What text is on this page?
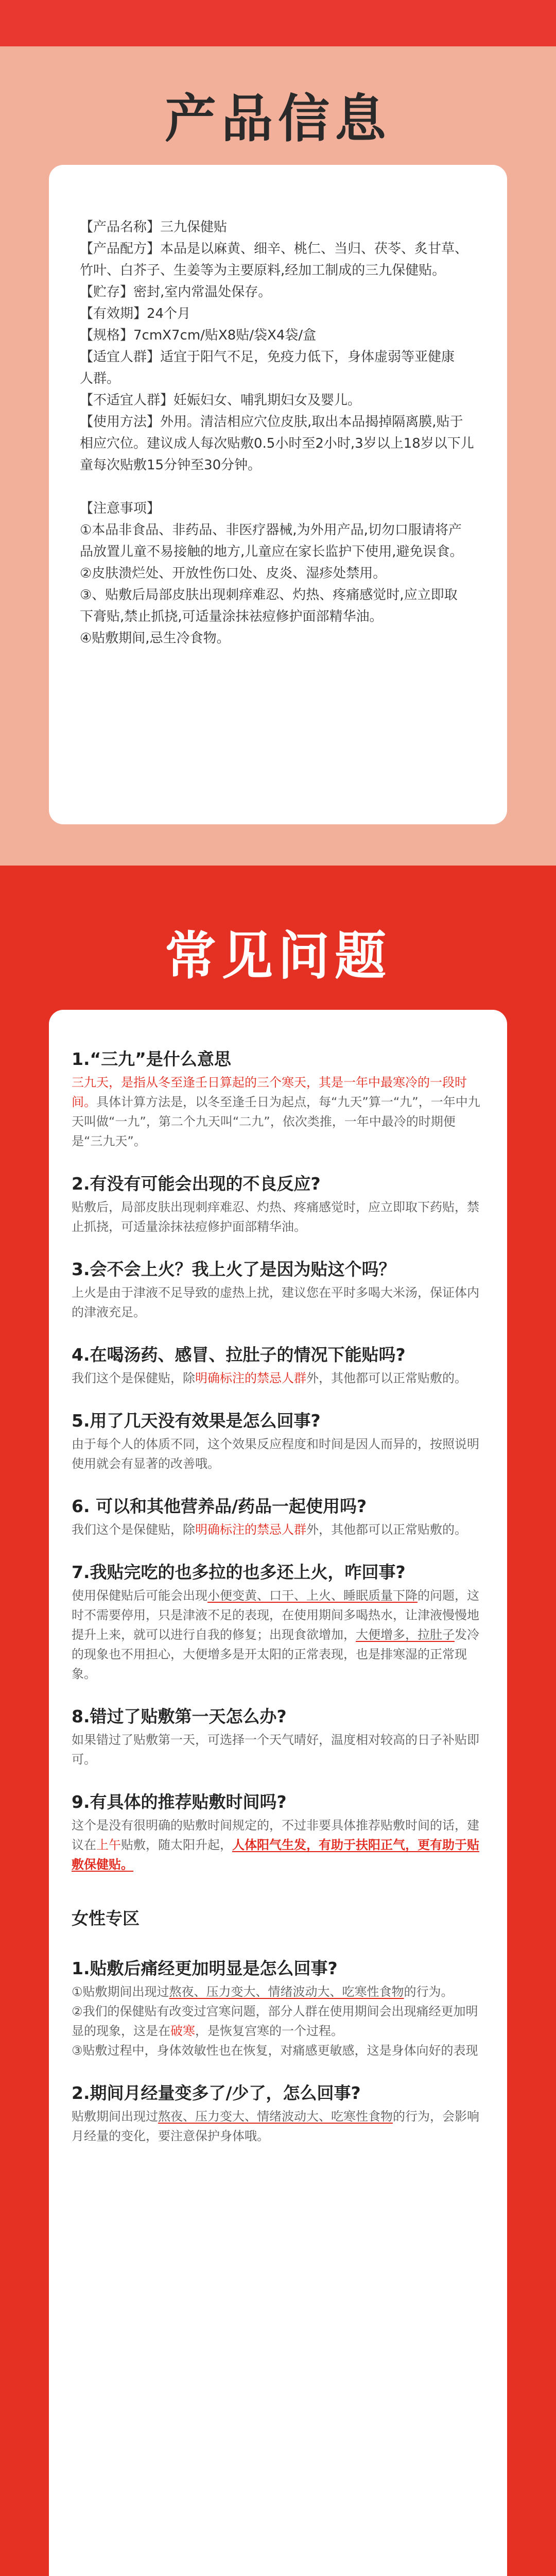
产品信息

【产品名称】三九保健贴

【产品配方】本品是以麻黄、细辛、桃仁、当归、茯苓、炙甘草、

竹叶、白芥子、生姜等为主要原料,经加工制成的三九保健贴。

【贮存】密封,室内常温处保存。

【有效期】24个月

【规格】7cmX7cm/贴X8贴/袋X4袋/盒

【适宜人群】适宜于阳气不足，免疫力低下，身体虚弱等亚健康

人群。

【不适宜人群】妊娠妇女、哺乳期妇女及婴儿。

【使用方法】外用。清洁相应穴位皮肤,取出本品揭掉隔离膜,贴于

相应穴位。建议成人每次贴敷0.5小时至2小时,3岁以上18岁以下儿

童每次贴敷15分钟至30分钟。

【注意事项】

①本品非食品、非药品、非医疗器械,为外用产品,切勿口服请将产

品放置儿童不易接触的地方,儿童应在家长监护下使用,避免误食。

②皮肤溃烂处、开放性伤口处、皮炎、湿疹处禁用。

③、贴敷后局部皮肤出现刺痒难忍、灼热、疼痛感觉时,应立即取

下膏贴,禁止抓挠,可适量涂抹祛痘修护面部精华油。

④贴敷期间,忌生冷食物。

常见问题

1.“三九”是什么意思

三九天，是指从冬至逢壬日算起的三个寒天，其是一年中最寒冷的一段时间。具体计算方法是，以冬至逢壬日为起点，每“九天”算一“九”，一年中九天叫做“一九”，第二个九天叫“二九”，依次类推，一年中最冷的时期便是“三九天”。

2.有没有可能会出现的不良反应?

贴敷后，局部皮肤出现刺痒难忍、灼热、疼痛感觉时，应立即取下药贴，禁止抓挠，可适量涂抹祛痘修护面部精华油。

3.会不会上火？我上火了是因为贴这个吗？

上火是由于津液不足导致的虚热上扰，建议您在平时多喝大米汤，保证体内的津液充足。

4.在喝汤药、感冒、拉肚子的情况下能贴吗?

我们这个是保健贴，除明确标注的禁忌人群外，其他都可以正常贴敷的。

5.用了几天没有效果是怎么回事?

由于每个人的体质不同，这个效果反应程度和时间是因人而异的，按照说明使用就会有显著的改善哦。

6. 可以和其他营养品/药品一起使用吗?

我们这个是保健贴，除明确标注的禁忌人群外，其他都可以正常贴敷的。

7.我贴完吃的也多拉的也多还上火，咋回事?

使用保健贴后可能会出现小便变黄、口干、上火、睡眠质量下降的问题，这时不需要停用，只是津液不足的表现，在使用期间多喝热水，让津液慢慢地提升上来，就可以进行自我的修复；出现食欲增加，大便增多，拉肚子发冷的现象也不用担心，大便增多是开太阳的正常表现，也是排寒湿的正常现象。

8.错过了贴敷第一天怎么办?

如果错过了贴敷第一天，可选择一个天气晴好，温度相对较高的日子补贴即可。

9.有具体的推荐贴敷时间吗?

这个是没有很明确的贴敷时间规定的，不过非要具体推荐贴敷时间的话，建议在上午贴敷，随太阳升起，人体阳气生发，有助于扶阳正气，更有助于贴敷保健贴。

女性专区

1.贴敷后痛经更加明显是怎么回事?

①贴敷期间出现过熬夜、压力变大、情绪波动大、吃寒性食物的行为。
②我们的保健贴有改变过宫寒问题，部分人群在使用期间会出现痛经更加明显的现象，这是在破寒，是恢复宫寒的一个过程。
③贴敷过程中，身体效敏性也在恢复，对痛感更敏感，这是身体向好的表现

2.期间月经量变多了/少了，怎么回事?

贴敷期间出现过熬夜、压力变大、情绪波动大、吃寒性食物的行为，会影响月经量的变化，要注意保护身体哦。
